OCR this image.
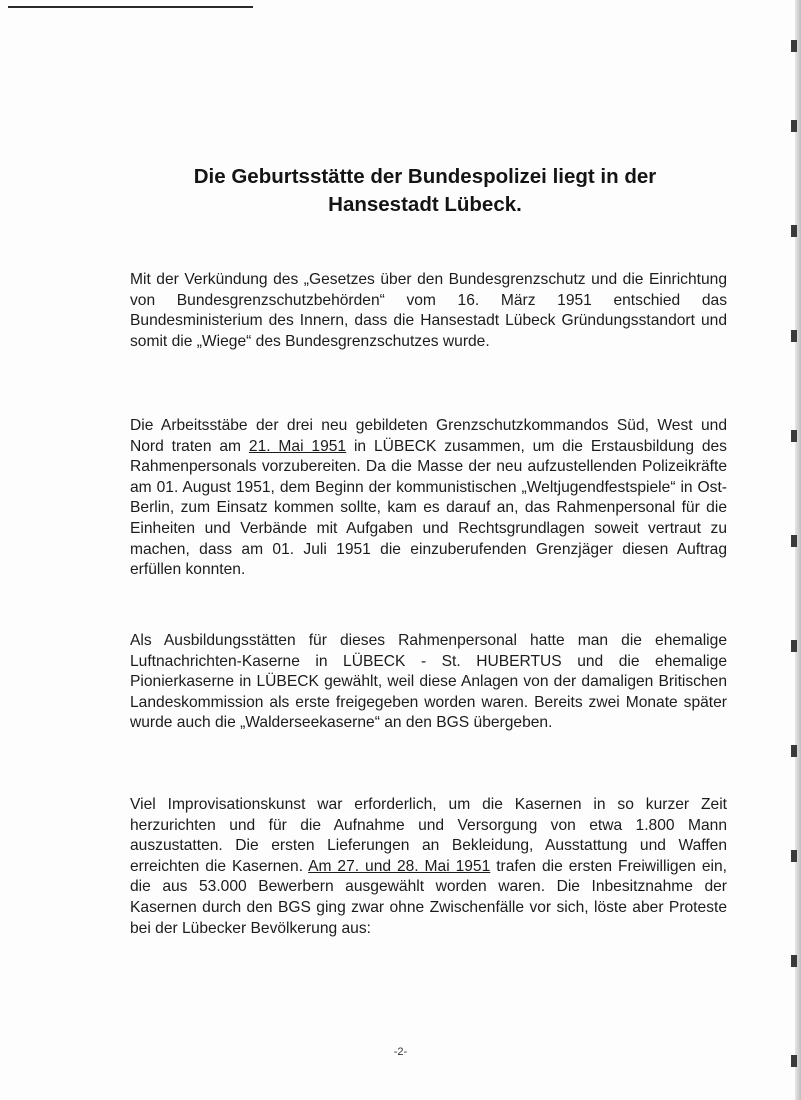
Die Geburtsstätte der Bundespolizei liegt in der
Hansestadt Lübeck.

Mit der Verkündung des „Gesetzes über den Bundesgrenzschutz und die Einrichtung von Bundesgrenzschutzbehörden“ vom 16. März 1951 entschied das Bundesministerium des Innern, dass die Hansestadt Lübeck Gründungsstandort und somit die „Wiege“ des Bundesgrenzschutzes wurde.

Die Arbeitsstäbe der drei neu gebildeten Grenzschutzkommandos Süd, West und Nord traten am 21. Mai 1951 in LÜBECK zusammen, um die Erstausbildung des Rahmenpersonals vorzubereiten. Da die Masse der neu aufzustellenden Polizeikräfte am 01. August 1951, dem Beginn der kommunistischen „Weltjugendfestspiele“ in Ost-Berlin, zum Einsatz kommen sollte, kam es darauf an, das Rahmenpersonal für die Einheiten und Verbände mit Aufgaben und Rechtsgrundlagen soweit vertraut zu machen, dass am 01. Juli 1951 die einzuberufenden Grenzjäger diesen Auftrag erfüllen konnten.

Als Ausbildungsstätten für dieses Rahmenpersonal hatte man die ehemalige Luftnachrichten-Kaserne in LÜBECK - St. HUBERTUS und die ehemalige Pionierkaserne in LÜBECK gewählt, weil diese Anlagen von der damaligen Britischen Landeskommission als erste freigegeben worden waren. Bereits zwei Monate später wurde auch die „Walderseekaserne“ an den BGS übergeben.

Viel Improvisationskunst war erforderlich, um die Kasernen in so kurzer Zeit herzurichten und für die Aufnahme und Versorgung von etwa 1.800 Mann auszustatten. Die ersten Lieferungen an Bekleidung, Ausstattung und Waffen erreichten die Kasernen. Am 27. und 28. Mai 1951 trafen die ersten Freiwilligen ein, die aus 53.000 Bewerbern ausgewählt worden waren. Die Inbesitznahme der Kasernen durch den BGS ging zwar ohne Zwischenfälle vor sich, löste aber Proteste bei der Lübecker Bevölkerung aus:

-2-
